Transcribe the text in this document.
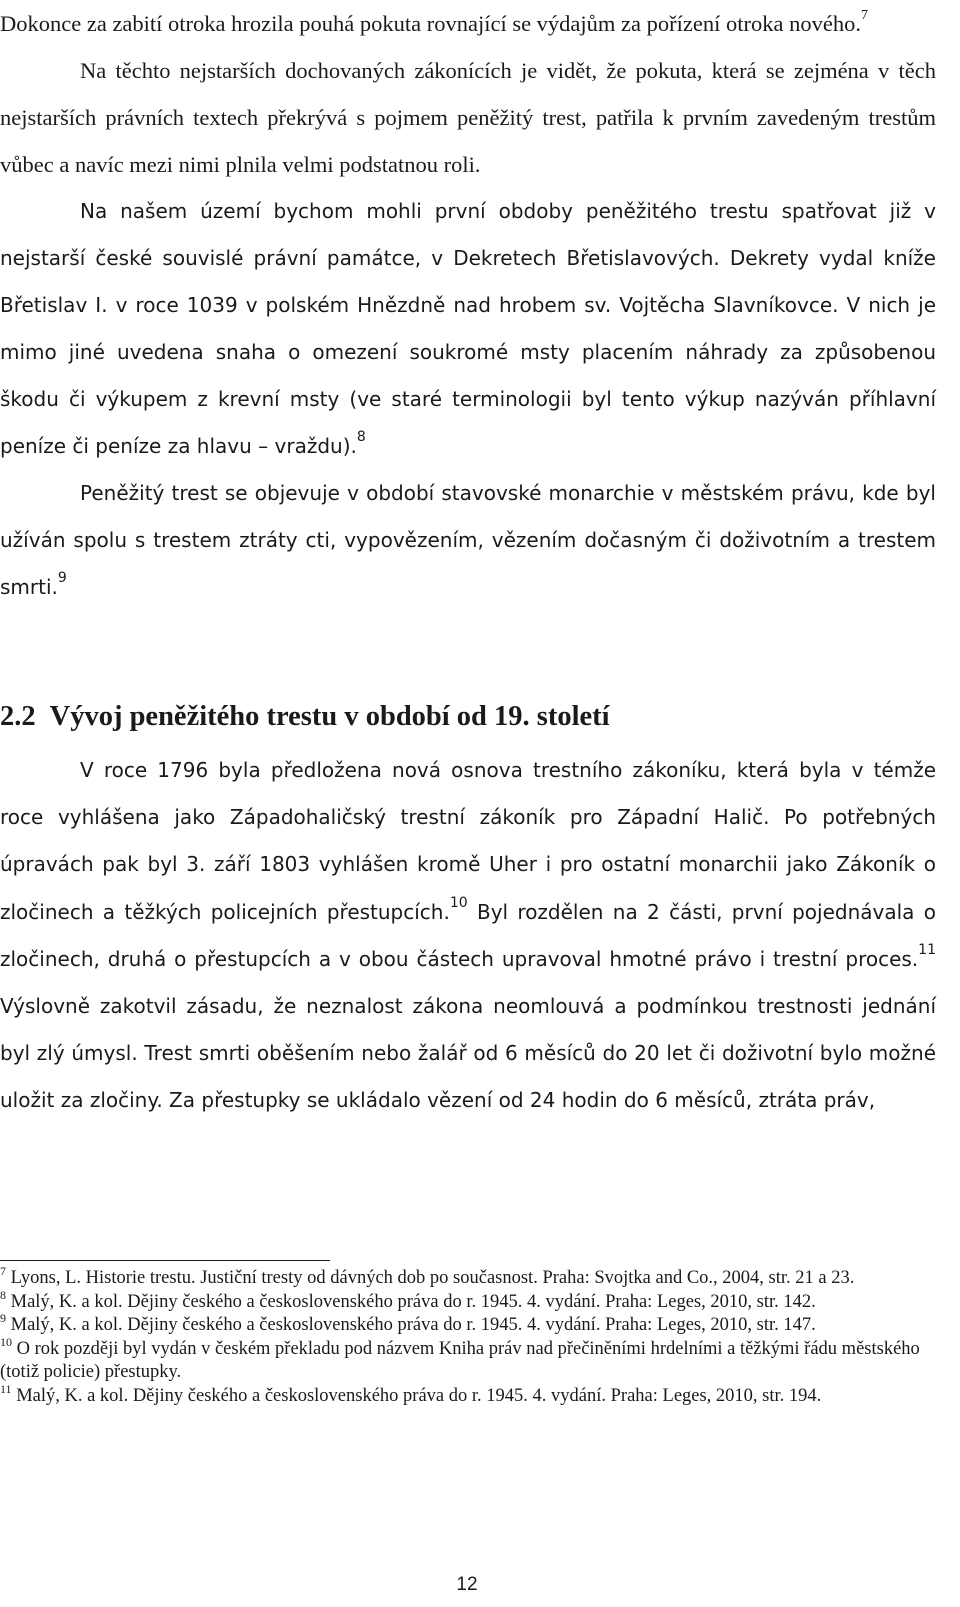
Dokonce za zabití otroka hrozila pouhá pokuta rovnající se výdajům za pořízení otroka nového.$^7$

Na těchto nejstarších dochovaných zákonících je vidět, že pokuta, která se zejména v těch nejstarších právních textech překrývá s pojmem peněžitý trest, patřila k prvním zavedeným trestům vůbec a navíc mezi nimi plnila velmi podstatnou roli.

Na našem území bychom mohli první obdoby peněžitého trestu spatřovat již v nejstarší české souvislé právní památce, v Dekretech Břetislavových. Dekrety vydal kníže Břetislav I. v roce 1039 v polském Hnězdně nad hrobem sv. Vojtěcha Slavníkovce. V nich je mimo jiné uvedena snaha o omezení soukromé msty placením náhrady za způsobenou škodu či výkupem z krevní msty (ve staré terminologii byl tento výkup nazýván příhlavní peníze či peníze za hlavu – vraždu).$^8$

Peněžitý trest se objevuje v období stavovské monarchie v městském právu, kde byl užíván spolu s trestem ztráty cti, vypovězením, vězením dočasným či doživotním a trestem smrti.$^9$

2.2 Vývoj peněžitého trestu v období od 19. století

V roce 1796 byla předložena nová osnova trestního zákoníku, která byla v témže roce vyhlášena jako Západohaličský trestní zákoník pro Západní Halič. Po potřebných úpravách pak byl 3. září 1803 vyhlášen kromě Uher i pro ostatní monarchii jako Zákoník o zločinech a těžkých policejních přestupcích.$^{10}$ Byl rozdělen na 2 části, první pojednávala o zločinech, druhá o přestupcích a v obou částech upravoval hmotné právo i trestní proces.$^{11}$ Výslovně zakotvil zásadu, že neznalost zákona neomlouvá a podmínkou trestnosti jednání byl zlý úmysl. Trest smrti oběšením nebo žalář od 6 měsíců do 20 let či doživotní bylo možné uložit za zločiny. Za přestupky se ukládalo vězení od 24 hodin do 6 měsíců, ztráta práv,

$^7$ Lyons, L. Historie trestu. Justiční tresty od dávných dob po současnost. Praha: Svojtka and Co., 2004, str. 21 a 23.

$^8$ Malý, K. a kol. Dějiny českého a československého práva do r. 1945. 4. vydání. Praha: Leges, 2010, str. 142.

$^9$ Malý, K. a kol. Dějiny českého a československého práva do r. 1945. 4. vydání. Praha: Leges, 2010, str. 147.

$^{10}$ O rok později byl vydán v českém překladu pod názvem Kniha práv nad přečiněními hrdelními a těžkými řádu městského (totiž policie) přestupky.

$^{11}$ Malý, K. a kol. Dějiny českého a československého práva do r. 1945. 4. vydání. Praha: Leges, 2010, str. 194.

12
